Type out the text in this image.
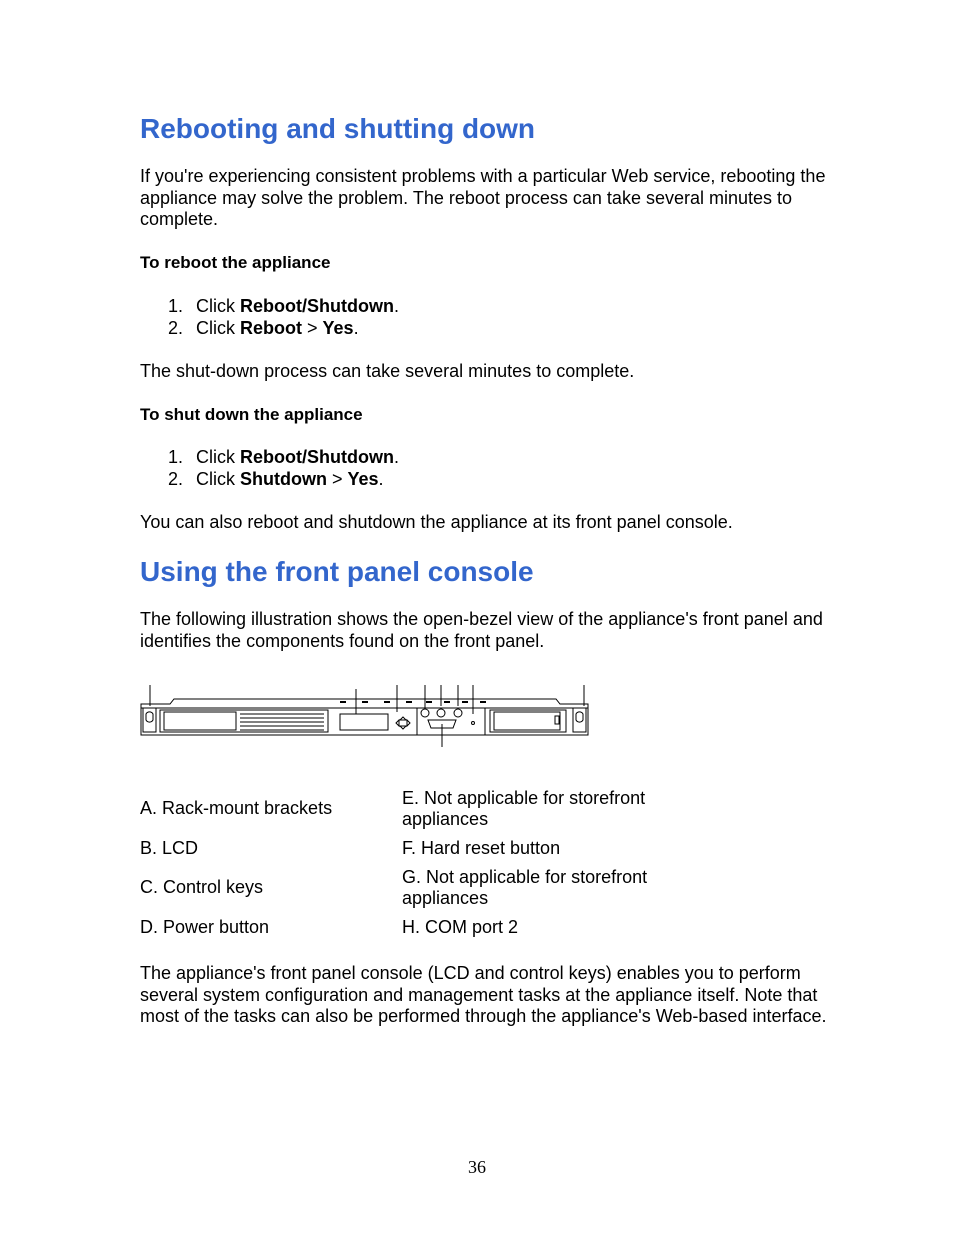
Rebooting and shutting down

If you're experiencing consistent problems with a particular Web service, rebooting the appliance may solve the problem. The reboot process can take several minutes to complete.

To reboot the appliance

1. Click Reboot/Shutdown.
2. Click Reboot > Yes.

The shut-down process can take several minutes to complete.

To shut down the appliance

1. Click Reboot/Shutdown.
2. Click Shutdown > Yes.

You can also reboot and shutdown the appliance at its front panel console.

Using the front panel console

The following illustration shows the open-bezel view of the appliance's front panel and identifies the components found on the front panel.

A. Rack-mount brackets
E. Not applicable for storefront appliances
B. LCD	F. Hard reset button
C. Control keys
G. Not applicable for storefront appliances
D. Power button	H. COM port 2

The appliance's front panel console (LCD and control keys) enables you to perform several system configuration and management tasks at the appliance itself. Note that most of the tasks can also be performed through the appliance's Web-based interface.

36
